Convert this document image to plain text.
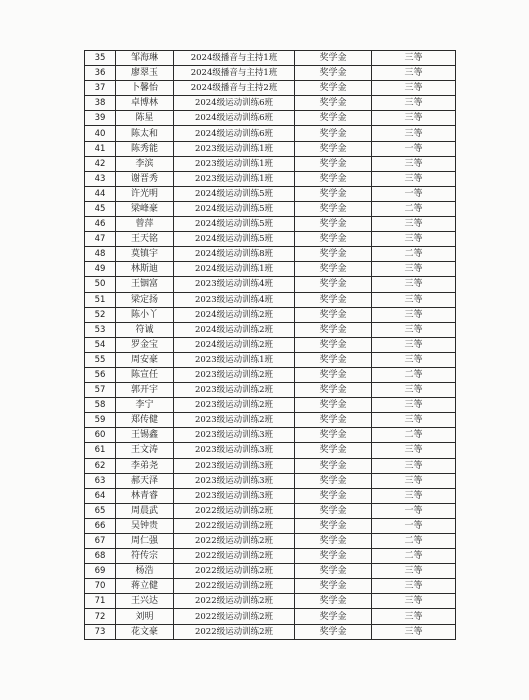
35	邹海琳	2024级播音与主持1班	奖学金	三等
36	廖翠玉	2024级播音与主持1班	奖学金	三等
37	卜馨怡	2024级播音与主持2班	奖学金	三等
38	卓博林	2024级运动训练6班	奖学金	三等
39	陈星	2024级运动训练6班	奖学金	三等
40	陈太和	2024级运动训练6班	奖学金	三等
41	陈秀能	2023级运动训练1班	奖学金	一等
42	李滨	2023级运动训练1班	奖学金	三等
43	谢晋秀	2023级运动训练1班	奖学金	三等
44	许光明	2024级运动训练5班	奖学金	一等
45	梁峰豪	2024级运动训练5班	奖学金	二等
46	曾萍	2024级运动训练5班	奖学金	三等
47	王天铭	2024级运动训练5班	奖学金	三等
48	莫镇宇	2024级运动训练8班	奖学金	二等
49	林斯迪	2024级运动训练1班	奖学金	三等
50	王铟富	2023级运动训练4班	奖学金	三等
51	梁定扬	2023级运动训练4班	奖学金	三等
52	陈小丫	2024级运动训练2班	奖学金	三等
53	符诚	2024级运动训练2班	奖学金	三等
54	罗金宝	2024级运动训练2班	奖学金	三等
55	周安豪	2023级运动训练1班	奖学金	三等
56	陈宣任	2023级运动训练2班	奖学金	二等
57	郭开宇	2023级运动训练2班	奖学金	三等
58	李宁	2023级运动训练2班	奖学金	三等
59	郑传健	2023级运动训练2班	奖学金	三等
60	王锡鑫	2023级运动训练3班	奖学金	二等
61	王文涛	2023级运动训练3班	奖学金	三等
62	李弟尧	2023级运动训练3班	奖学金	三等
63	郝天泽	2023级运动训练3班	奖学金	三等
64	林青睿	2023级运动训练3班	奖学金	三等
65	周晨武	2022级运动训练2班	奖学金	一等
66	吴钟贵	2022级运动训练2班	奖学金	一等
67	周仁强	2022级运动训练2班	奖学金	二等
68	符传宗	2022级运动训练2班	奖学金	二等
69	杨浩	2022级运动训练2班	奖学金	三等
70	蒋立健	2022级运动训练2班	奖学金	三等
71	王兴达	2022级运动训练2班	奖学金	三等
72	刘明	2022级运动训练2班	奖学金	三等
73	花文豪	2022级运动训练2班	奖学金	三等
